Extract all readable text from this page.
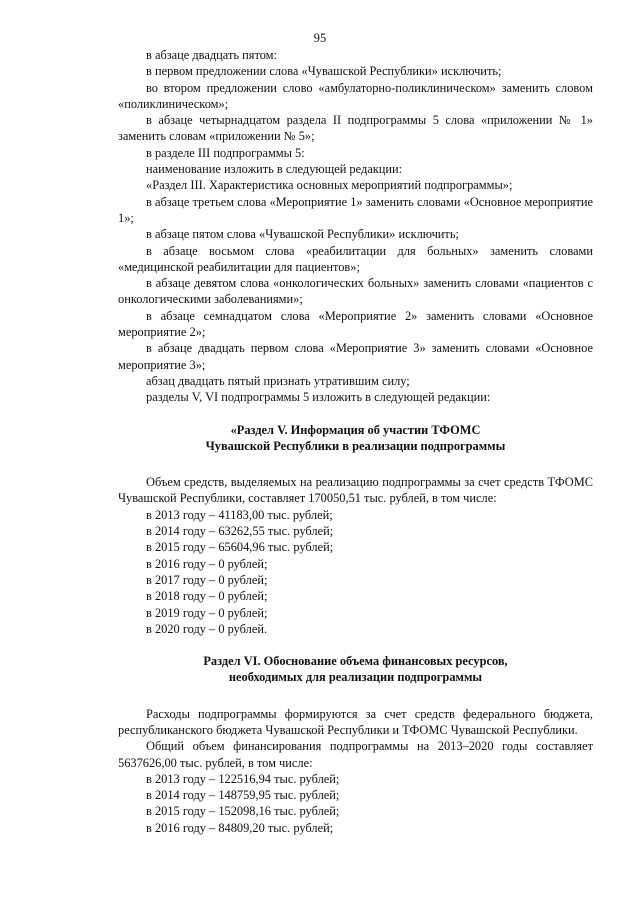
95

в абзаце двадцать пятом:

в первом предложении слова «Чувашской Республики» исключить;

во втором предложении слово «амбулаторно-поликлиническом» заменить словом «поликлиническом»;

в абзаце четырнадцатом раздела II подпрограммы 5 слова «приложении № 1» заменить словам «приложении № 5»;

в разделе III подпрограммы 5:

наименование изложить в следующей редакции:

«Раздел III. Характеристика основных мероприятий подпрограммы»;

в абзаце третьем слова «Мероприятие 1» заменить словами «Основное мероприятие 1»;

в абзаце пятом слова «Чувашской Республики» исключить;

в абзаце восьмом слова «реабилитации для больных» заменить словами «медицинской реабилитации для пациентов»;

в абзаце девятом слова «онкологических больных» заменить словами «пациентов с онкологическими заболеваниями»;

в абзаце семнадцатом слова «Мероприятие 2» заменить словами «Основное мероприятие 2»;

в абзаце двадцать первом слова «Мероприятие 3» заменить словами «Основное мероприятие 3»;

абзац двадцать пятый признать утратившим силу;

разделы V, VI подпрограммы 5 изложить в следующей редакции:

«Раздел V. Информация об участии ТФОМС

Чувашской Республики в реализации подпрограммы

Объем средств, выделяемых на реализацию подпрограммы за счет средств ТФОМС Чувашской Республики, составляет 170050,51 тыс. рублей, в том числе:

в 2013 году – 41183,00 тыс. рублей;

в 2014 году – 63262,55 тыс. рублей;

в 2015 году – 65604,96 тыс. рублей;

в 2016 году – 0 рублей;

в 2017 году – 0 рублей;

в 2018 году – 0 рублей;

в 2019 году – 0 рублей;

в 2020 году – 0 рублей.

Раздел VI. Обоснование объема финансовых ресурсов,

необходимых для реализации подпрограммы

Расходы подпрограммы формируются за счет средств федерального бюджета, республиканского бюджета Чувашской Республики и ТФОМС Чувашской Республики.

Общий объем финансирования подпрограммы на 2013–2020 годы составляет 5637626,00 тыс. рублей, в том числе:

в 2013 году – 122516,94 тыс. рублей;

в 2014 году – 148759,95 тыс. рублей;

в 2015 году – 152098,16 тыс. рублей;

в 2016 году – 84809,20 тыс. рублей;
